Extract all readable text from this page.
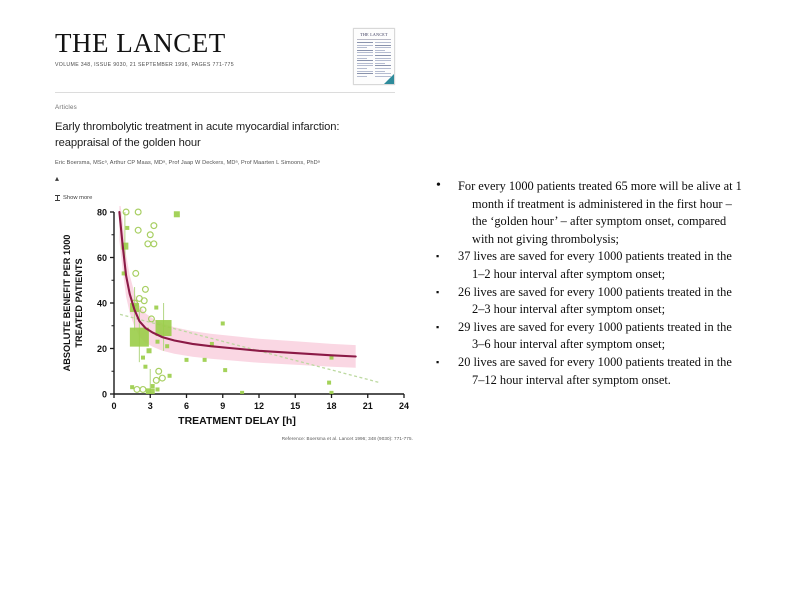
THE LANCET
VOLUME 348, ISSUE 9030, 21 SEPTEMBER 1996, PAGES 771-775
THE LANCET
Articles
Early thrombolytic treatment in acute myocardial infarction: reappraisal of the golden hour
Eric Boersma, MScᵃ, Arthur CP Maas, MDᵃ, Prof Jaap W Deckers, MDᵃ, Prof Maarten L Simoons, PhDᵃ
Show more
0
20
40
60
80
0	3	6	9	12	15	18	21	24
TREATMENT DELAY [h]
ABSOLUTE BENEFIT PER 1000 TREATED PATIENTS
Reference: Boersma et al. Lancet 1996; 348 (9030): 771-775.
•	For every 1000 patients treated 65 more will be alive at 1 month if treatment is administered in the first hour – the ‘golden hour’ – after symptom onset, compared with not giving thrombolysis;
▪	37 lives are saved for every 1000 patients treated in the 1–2 hour interval after symptom onset;
▪	26 lives are saved for every 1000 patients treated in the 2–3 hour interval after symptom onset;
▪	29 lives are saved for every 1000 patients treated in the 3–6 hour interval after symptom onset;
▪	20 lives are saved for every 1000 patients treated in the 7–12 hour interval after symptom onset.
